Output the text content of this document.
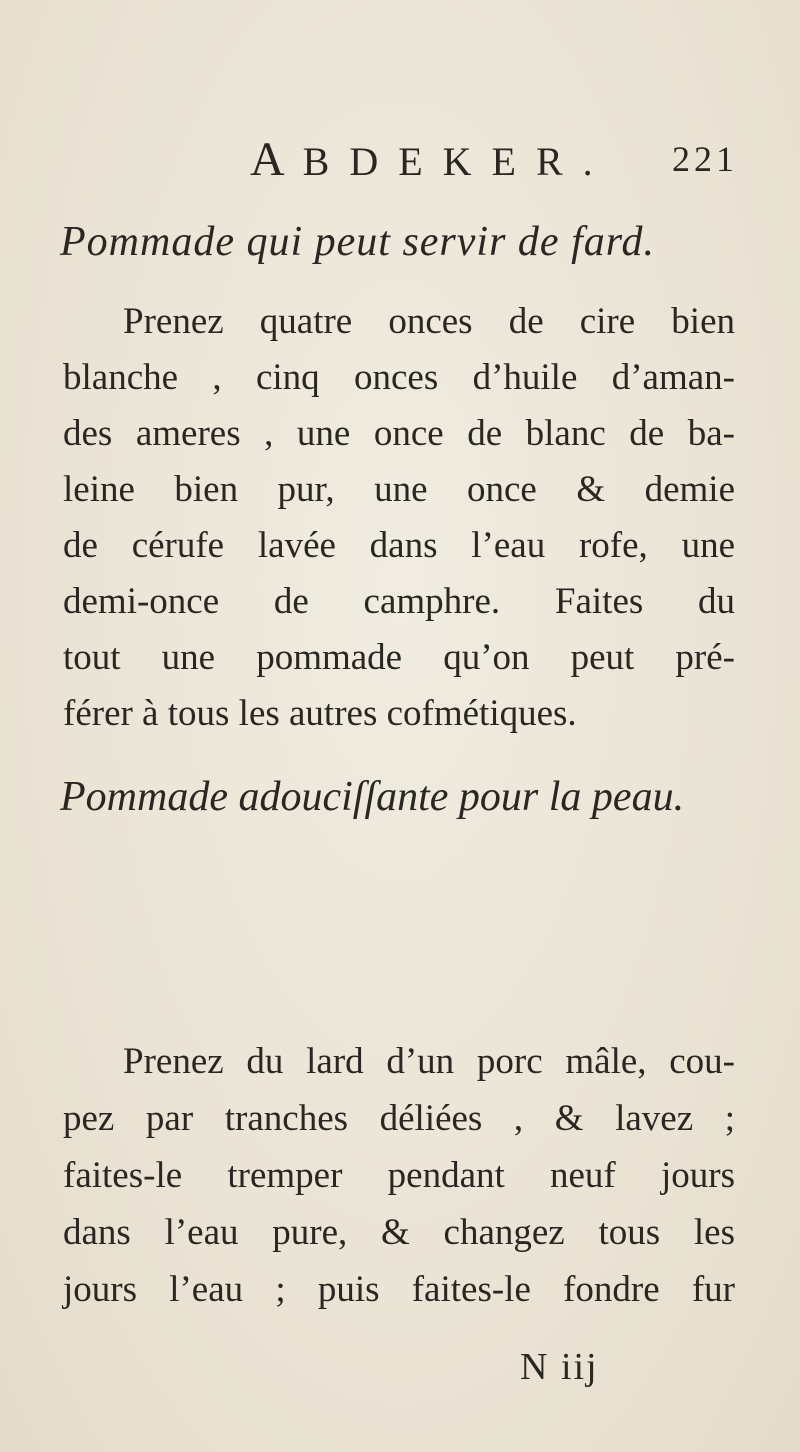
ABDEKER. 221
Pommade qui peut servir de fard.
Prenez quatre onces de cire bien
blanche , cinq onces d’huile d’aman-
des ameres , une once de blanc de ba-
leine bien pur, une once & demie
de cérufe lavée dans l’eau rofe, une
demi-once de camphre. Faites du
tout une pommade qu’on peut pré-
férer à tous les autres cofmétiques.
Pommade adouciſſante pour la peau.
Prenez du lard d’un porc mâle, cou-
pez par tranches déliées , & lavez ;
faites-le tremper pendant neuf jours
dans l’eau pure, & changez tous les
jours l’eau ; puis faites-le fondre fur
N iij
